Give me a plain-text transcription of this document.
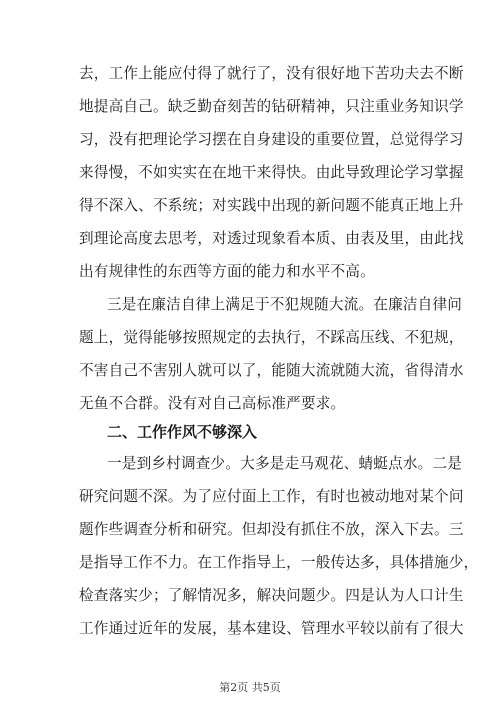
去，工作上能应付得了就行了，没有很好地下苦功夫去不断
地提高自己。缺乏勤奋刻苦的钻研精神，只注重业务知识学
习，没有把理论学习摆在自身建设的重要位置，总觉得学习
来得慢，不如实实在在地干来得快。由此导致理论学习掌握
得不深入、不系统；对实践中出现的新问题不能真正地上升
到理论高度去思考，对透过现象看本质、由表及里，由此找
出有规律性的东西等方面的能力和水平不高。
三是在廉洁自律上满足于不犯规随大流。在廉洁自律问
题上，觉得能够按照规定的去执行，不踩高压线、不犯规，
不害自己不害别人就可以了，能随大流就随大流，省得清水
二、工作作风不够深入
一是到乡村调查少。大多是走马观花、蜻蜓点水。二是
研究问题不深。为了应付面上工作，有时也被动地对某个问
题作些调查分析和研究。但却没有抓住不放，深入下去。三
是指导工作不力。在工作指导上，一般传达多，具体措施少，
检查落实少；了解情况多，解决问题少。四是认为人口计生
工作通过近年的发展，基本建设、管理水平较以前有了很大
第2页 共5页
无鱼不合群。没有对自己高标准严要求。
